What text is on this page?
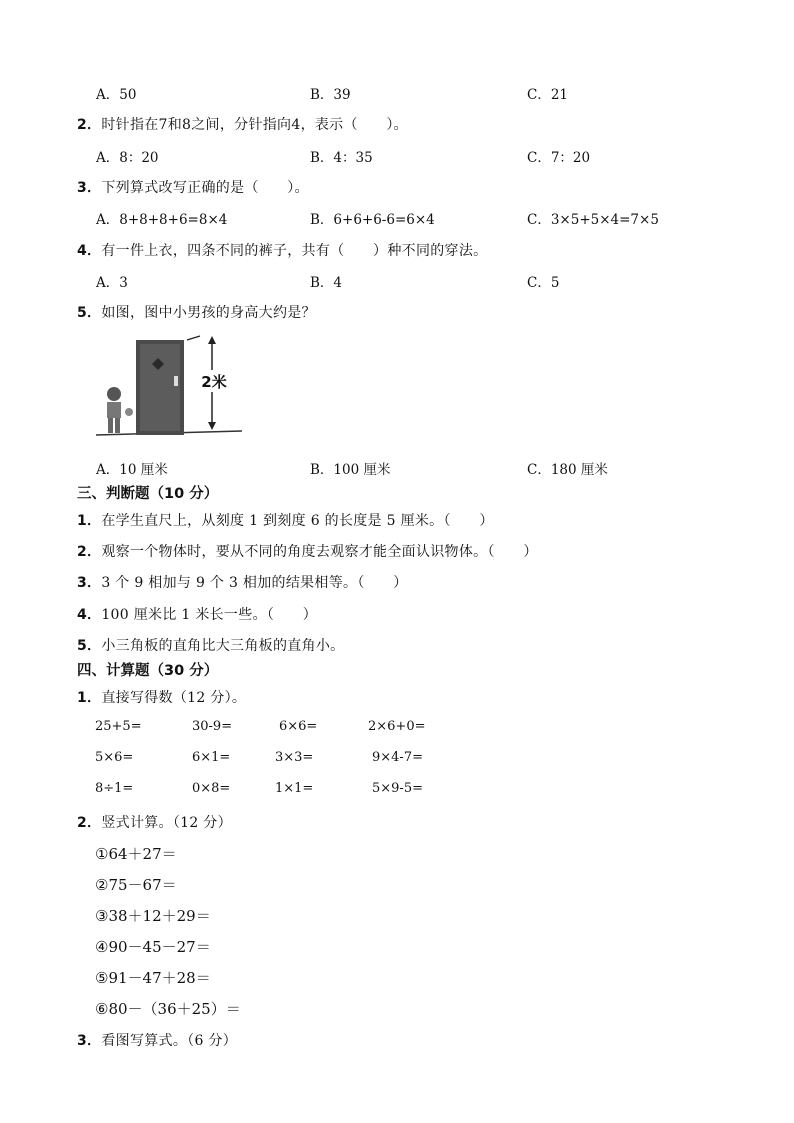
A．50	B．39	C．21
2．时针指在7和8之间，分针指向4，表示（　　）。
A．8：20	B．4：35	C．7：20
3．下列算式改写正确的是（　　）。
A．8+8+8+6=8×4	B．6+6+6-6=6×4	C．3×5+5×4=7×5
4．有一件上衣，四条不同的裤子，共有（　　）种不同的穿法。
A．3	B．4	C．5
5．如图，图中小男孩的身高大约是？
2米
A．10 厘米	B．100 厘米	C．180 厘米
三、判断题（10 分）
1．在学生直尺上，从刻度 1 到刻度 6 的长度是 5 厘米。（　　）
2．观察一个物体时，要从不同的角度去观察才能全面认识物体。（　　）
3．3 个 9 相加与 9 个 3 相加的结果相等。（　　）
4．100 厘米比 1 米长一些。（　　）
5．小三角板的直角比大三角板的直角小。
四、计算题（30 分）
1．直接写得数（12 分）。
25+5=	30-9=	6×6=	2×6+0=
5×6=	6×1=	3×3=	9×4-7=
8÷1=	0×8=	1×1=	5×9-5=
2．竖式计算。（12 分）
①64＋27＝
②75－67＝
③38＋12＋29＝
④90－45－27＝
⑤91－47＋28＝
⑥80－（36＋25）＝
3．看图写算式。（6 分）
